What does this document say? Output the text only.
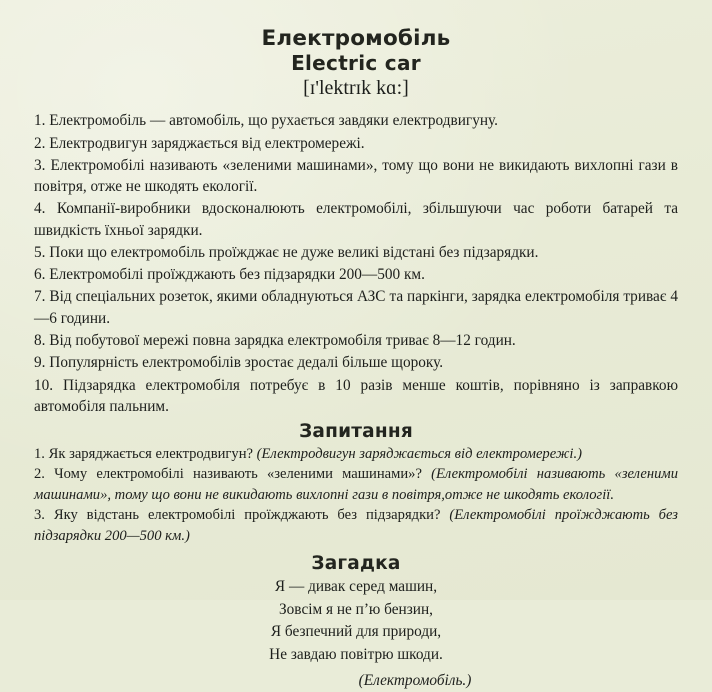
Електромобіль
Electric car
[ɪ'lektrɪk kɑ:]
1. Електромобіль — автомобіль, що рухається завдяки електродвигуну.
2. Електродвигун заряджається від електромережі.
3. Електромобілі називають «зеленими машинами», тому що вони не викидають вихлопні гази в повітря, отже не шкодять екології.
4. Компанії-виробники вдосконалюють електромобілі, збільшуючи час роботи батарей та швидкість їхньої зарядки.
5. Поки що електромобіль проїжджає не дуже великі відстані без підзарядки.
6. Електромобілі проїжджають без підзарядки 200—500 км.
7. Від спеціальних розеток, якими обладнуються АЗС та паркінги, зарядка електромобіля триває 4—6 години.
8. Від побутової мережі повна зарядка електромобіля триває 8—12 годин.
9. Популярність електромобілів зростає дедалі більше щороку.
10. Підзарядка електромобіля потребує в 10 разів менше коштів, порівняно із заправкою автомобіля пальним.
Запитання
1. Як заряджається електродвигун? (Електродвигун заряджається від електромережі.)
2. Чому електромобілі називають «зеленими машинами»? (Електромобілі називають «зеленими машинами», тому що вони не викидають вихлопні гази в повітря,отже не шкодять екології.
3. Яку відстань електромобілі проїжджають без підзарядки? (Електромобілі проїжджають без підзарядки 200—500 км.)
Загадка
Я — дивак серед машин,
Зовсім я не п’ю бензин,
Я безпечний для природи,
Не завдаю повітрю шкоди.
(Електромобіль.)
